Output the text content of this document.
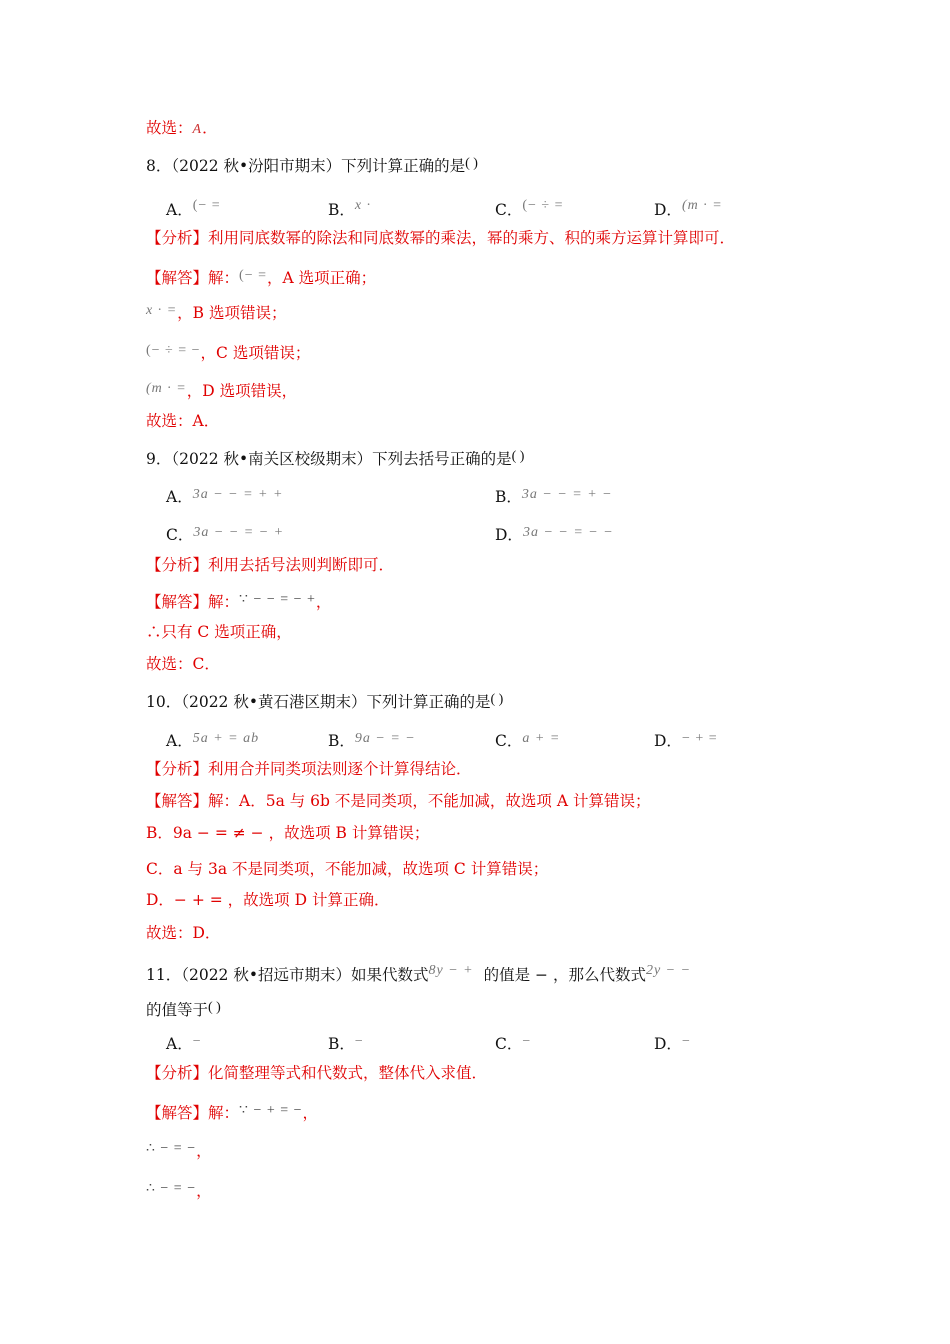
故选：A．
8．（2022 秋•汾阳市期末）下列计算正确的是( )
A．(− =	B．x ·	C．(− ÷ =	D．(m · =
【分析】利用同底数幂的除法和同底数幂的乘法，幂的乘方、积的乘方运算计算即可．
【解答】解：(− =，A 选项正确；
x · =，B 选项错误；
(− ÷ = −，C 选项错误；
(m · =，D 选项错误，
故选：A．
9．（2022 秋•南关区校级期末）下列去括号正确的是( )
A．3a − − = + +	B．3a − − = + −
C．3a − − = − +	D．3a − − = − −
【分析】利用去括号法则判断即可．
【解答】解：∵ − − = − +，
∴只有 C 选项正确，
故选：C．
10．（2022 秋•黄石港区期末）下列计算正确的是( )
A．5a + = ab	B．9a − = −	C．a + =	D．− + =
【分析】利用合并同类项法则逐个计算得结论．
【解答】解：A．5a 与 6b 不是同类项，不能加减，故选项 A 计算错误；
B．9a − = ≠ − ，故选项 B 计算错误；
C．a 与 3a 不是同类项，不能加减，故选项 C 计算错误；
D．− + = ，故选项 D 计算正确．
故选：D．
11．（2022 秋•招远市期末）如果代数式8y − + 的值是 − ，那么代数式2y − −
的值等于( )
A．−	B．−	C．−	D．−
【分析】化简整理等式和代数式，整体代入求值．
【解答】解：∵ − + = −，
∴ − = −，
∴ − = −，
